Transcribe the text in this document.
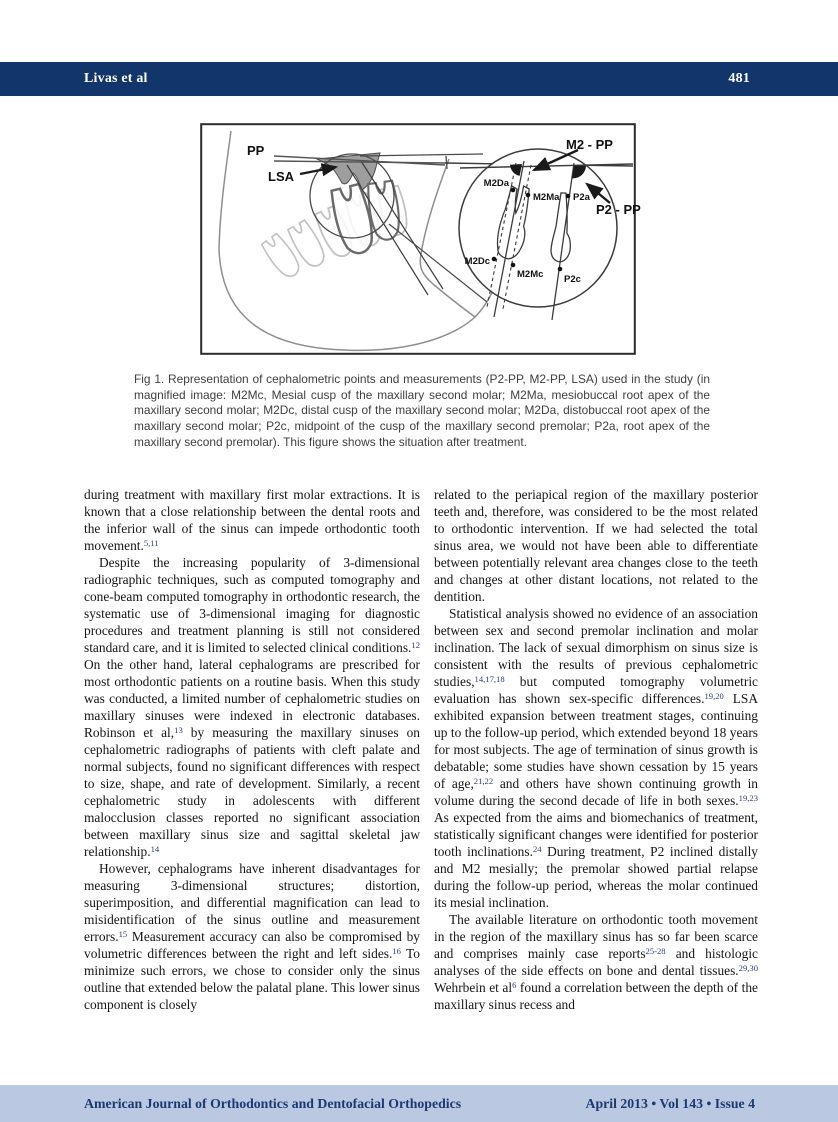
Livas et al	481
PP
LSA
M2 - PP
P2 - PP
M2Da
M2Ma P2a
M2Dc
M2Mc P2c
Fig 1. Representation of cephalometric points and measurements (P2-PP, M2-PP, LSA) used in the study (in magnified image: M2Mc, Mesial cusp of the maxillary second molar; M2Ma, mesiobuccal root apex of the maxillary second molar; M2Dc, distal cusp of the maxillary second molar; M2Da, distobuccal root apex of the maxillary second molar; P2c, midpoint of the cusp of the maxillary second premolar; P2a, root apex of the maxillary second premolar). This figure shows the situation after treatment.

during treatment with maxillary first molar extractions. It is known that a close relationship between the dental roots and the inferior wall of the sinus can impede orthodontic tooth movement.$^{5,11}$

Despite the increasing popularity of 3-dimensional radiographic techniques, such as computed tomography and cone-beam computed tomography in orthodontic research, the systematic use of 3-dimensional imaging for diagnostic procedures and treatment planning is still not considered standard care, and it is limited to selected clinical conditions.$^{12}$ On the other hand, lateral cephalograms are prescribed for most orthodontic patients on a routine basis. When this study was conducted, a limited number of cephalometric studies on maxillary sinuses were indexed in electronic databases. Robinson et al,$^{13}$ by measuring the maxillary sinuses on cephalometric radiographs of patients with cleft palate and normal subjects, found no significant differences with respect to size, shape, and rate of development. Similarly, a recent cephalometric study in adolescents with different malocclusion classes reported no significant association between maxillary sinus size and sagittal skeletal jaw relationship.$^{14}$

However, cephalograms have inherent disadvantages for measuring 3-dimensional structures; distortion, superimposition, and differential magnification can lead to misidentification of the sinus outline and measurement errors.$^{15}$ Measurement accuracy can also be compromised by volumetric differences between the right and left sides.$^{16}$ To minimize such errors, we chose to consider only the sinus outline that extended below the palatal plane. This lower sinus component is closely

related to the periapical region of the maxillary posterior teeth and, therefore, was considered to be the most related to orthodontic intervention. If we had selected the total sinus area, we would not have been able to differentiate between potentially relevant area changes close to the teeth and changes at other distant locations, not related to the dentition.

Statistical analysis showed no evidence of an association between sex and second premolar inclination and molar inclination. The lack of sexual dimorphism on sinus size is consistent with the results of previous cephalometric studies,$^{14,17,18}$ but computed tomography volumetric evaluation has shown sex-specific differences.$^{19,20}$ LSA exhibited expansion between treatment stages, continuing up to the follow-up period, which extended beyond 18 years for most subjects. The age of termination of sinus growth is debatable; some studies have shown cessation by 15 years of age,$^{21,22}$ and others have shown continuing growth in volume during the second decade of life in both sexes.$^{19,23}$ As expected from the aims and biomechanics of treatment, statistically significant changes were identified for posterior tooth inclinations.$^{24}$ During treatment, P2 inclined distally and M2 mesially; the premolar showed partial relapse during the follow-up period, whereas the molar continued its mesial inclination.

The available literature on orthodontic tooth movement in the region of the maxillary sinus has so far been scarce and comprises mainly case reports$^{25-28}$ and histologic analyses of the side effects on bone and dental tissues.$^{29,30}$ Wehrbein et $al^6$ found a correlation between the depth of the maxillary sinus recess and

American Journal of Orthodontics and Dentofacial Orthopedics	April 2013 • Vol 143 • Issue 4
